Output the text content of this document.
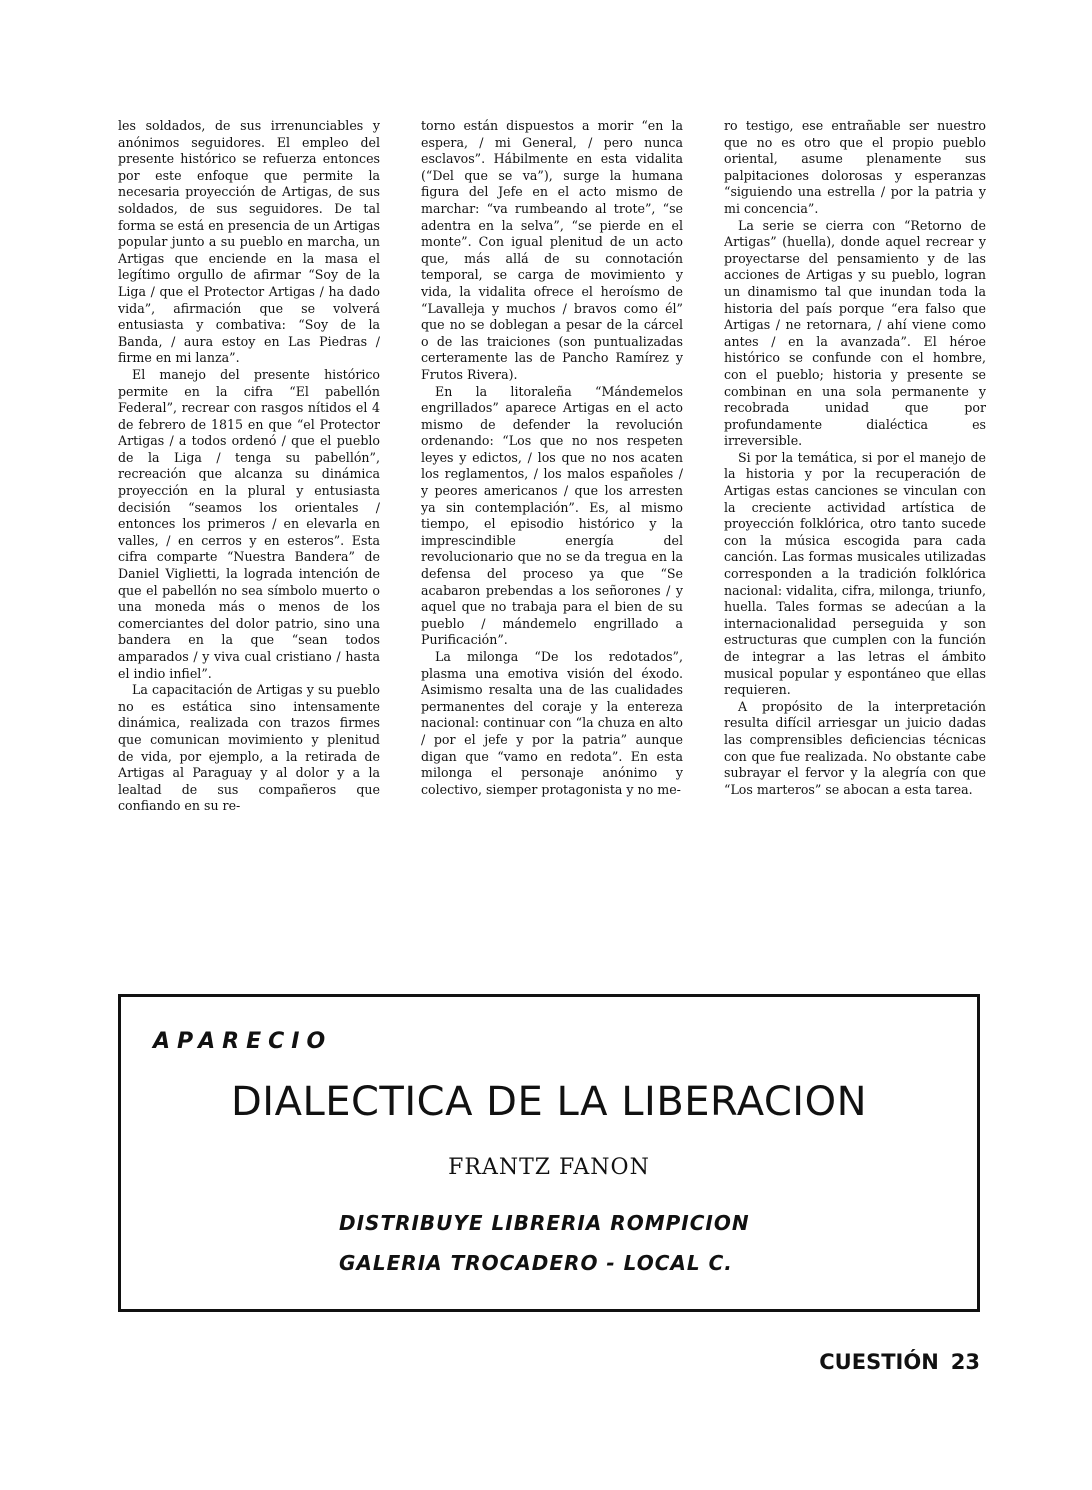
les soldados, de sus irrenunciables y anónimos seguidores. El empleo del presente histórico se refuerza entonces por este enfoque que permite la necesaria proyección de Artigas, de sus soldados, de sus seguidores. De tal forma se está en presencia de un Artigas popular junto a su pueblo en marcha, un Artigas que enciende en la masa el legítimo orgullo de afirmar “Soy de la Liga / que el Protector Artigas / ha dado vida”, afirmación que se volverá entusiasta y combativa: “Soy de la Banda, / aura estoy en Las Piedras / firme en mi lanza”.

El manejo del presente histórico permite en la cifra “El pabellón Federal”, recrear con rasgos nítidos el 4 de febrero de 1815 en que “el Protector Artigas / a todos ordenó / que el pueblo de la Liga / tenga su pabellón”, recreación que alcanza su dinámica proyección en la plural y entusiasta decisión “seamos los orientales / entonces los primeros / en elevarla en valles, / en cerros y en esteros”. Esta cifra comparte “Nuestra Bandera” de Daniel Viglietti, la lograda intención de que el pabellón no sea símbolo muerto o una moneda más o menos de los comerciantes del dolor patrio, sino una bandera en la que “sean todos amparados / y viva cual cristiano / hasta el indio infiel”.

La capacitación de Artigas y su pueblo no es estática sino intensamente dinámica, realizada con trazos firmes que comunican movimiento y plenitud de vida, por ejemplo, a la retirada de Artigas al Paraguay y al dolor y a la lealtad de sus compañeros que confiando en su re-

torno están dispuestos a morir “en la espera, / mi General, / pero nunca esclavos”. Hábilmente en esta vidalita (“Del que se va”), surge la humana figura del Jefe en el acto mismo de marchar: “va rumbeando al trote”, “se adentra en la selva”, “se pierde en el monte”. Con igual plenitud de un acto que, más allá de su connotación temporal, se carga de movimiento y vida, la vidalita ofrece el heroísmo de “Lavalleja y muchos / bravos como él” que no se doblegan a pesar de la cárcel o de las traiciones (son puntualizadas certeramente las de Pancho Ramírez y Frutos Rivera).

En la litoraleña “Mándemelos engrillados” aparece Artigas en el acto mismo de defender la revolución ordenando: “Los que no nos respeten leyes y edictos, / los que no nos acaten los reglamentos, / los malos españoles / y peores americanos / que los arresten ya sin contemplación”. Es, al mismo tiempo, el episodio histórico y la imprescindible energía del revolucionario que no se da tregua en la defensa del proceso ya que “Se acabaron prebendas a los señorones / y aquel que no trabaja para el bien de su pueblo / mándemelo engrillado a Purificación”.

La milonga “De los redotados”, plasma una emotiva visión del éxodo. Asimismo resalta una de las cualidades permanentes del coraje y la entereza nacional: continuar con “la chuza en alto / por el jefe y por la patria” aunque digan que “vamo en redota”. En esta milonga el personaje anónimo y colectivo, siemper protagonista y no me-

ro testigo, ese entrañable ser nuestro que no es otro que el propio pueblo oriental, asume plenamente sus palpitaciones dolorosas y esperanzas “siguiendo una estrella / por la patria y mi concencia”.

La serie se cierra con “Retorno de Artigas” (huella), donde aquel recrear y proyectarse del pensamiento y de las acciones de Artigas y su pueblo, logran un dinamismo tal que inundan toda la historia del país porque “era falso que Artigas / ne retornara, / ahí viene como antes / en la avanzada”. El héroe histórico se confunde con el hombre, con el pueblo; historia y presente se combinan en una sola permanente y recobrada unidad que por profundamente dialéctica es irreversible.

Si por la temática, si por el manejo de la historia y por la recuperación de Artigas estas canciones se vinculan con la creciente actividad artística de proyección folklórica, otro tanto sucede con la música escogida para cada canción. Las formas musicales utilizadas corresponden a la tradición folklórica nacional: vidalita, cifra, milonga, triunfo, huella. Tales formas se adecúan a la internacionalidad perseguida y son estructuras que cumplen con la función de integrar a las letras el ámbito musical popular y espontáneo que ellas requieren.

A propósito de la interpretación resulta difícil arriesgar un juicio dadas las comprensibles deficiencias técnicas con que fue realizada. No obstante cabe subrayar el fervor y la alegría con que “Los marteros” se abocan a esta tarea.

APARECIO
DIALECTICA DE LA LIBERACION
FRANTZ FANON
DISTRIBUYE LIBRERIA ROMPICION
GALERIA TROCADERO - LOCAL C.
CUESTIÓN 23
